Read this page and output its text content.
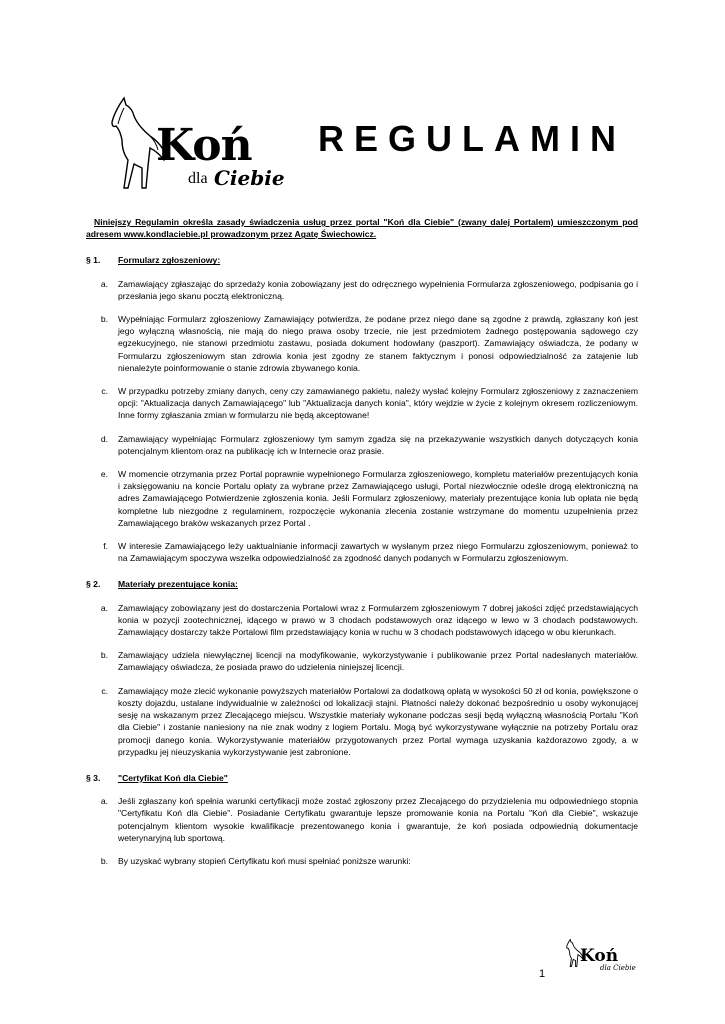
Koń
dla Ciebie
REGULAMIN
Niniejszy Regulamin określa zasady świadczenia usług przez portal "Koń dla Ciebie" (zwany dalej Portalem) umieszczonym pod adresem www.kondlaciebie.pl prowadzonym przez Agatę Świechowicz.
§ 1.	Formularz zgłoszeniowy:
a.	Zamawiający zgłaszając do sprzedaży konia zobowiązany jest do odręcznego wypełnienia Formularza zgłoszeniowego, podpisania go i przesłania jego skanu pocztą elektroniczną.
b.	Wypełniając Formularz zgłoszeniowy Zamawiający potwierdza, że podane przez niego dane są zgodne z prawdą, zgłaszany koń jest jego wyłączną własnością, nie mają do niego prawa osoby trzecie, nie jest przedmiotem żadnego postępowania sądowego czy egzekucyjnego, nie stanowi przedmiotu zastawu, posiada dokument hodowlany (paszport). Zamawiający oświadcza, że podany w Formularzu zgłoszeniowym stan zdrowia konia jest zgodny ze stanem faktycznym i ponosi odpowiedzialność za zatajenie lub nienależyte poinformowanie o stanie zdrowia zbywanego konia.
c.	W przypadku potrzeby zmiany danych, ceny czy zamawianego pakietu, należy wysłać kolejny Formularz zgłoszeniowy z zaznaczeniem opcji: "Aktualizacja danych Zamawiającego" lub "Aktualizacja danych konia", który wejdzie w życie z kolejnym okresem rozliczeniowym. Inne formy zgłaszania zmian w formularzu nie będą akceptowane!
d.	Zamawiający wypełniając Formularz zgłoszeniowy tym samym zgadza się na przekazywanie wszystkich danych dotyczących konia potencjalnym klientom oraz na publikację ich w Internecie oraz prasie.
e.	W momencie otrzymania przez Portal poprawnie wypełnionego Formularza zgłoszeniowego, kompletu materiałów prezentujących konia i zaksięgowaniu na koncie Portalu opłaty za wybrane przez Zamawiającego usługi, Portal niezwłocznie odeśle drogą elektroniczną na adres Zamawiającego Potwierdzenie zgłoszenia konia. Jeśli Formularz zgłoszeniowy, materiały prezentujące konia lub opłata nie będą kompletne lub niezgodne z regulaminem, rozpoczęcie wykonania zlecenia zostanie wstrzymane do momentu uzupełnienia przez Zamawiającego braków wskazanych przez Portal .
f.	W interesie Zamawiającego leży uaktualnianie informacji zawartych w wysłanym przez niego Formularzu zgłoszeniowym, ponieważ to na Zamawiającym spoczywa wszelka odpowiedzialność za zgodność danych podanych w Formularzu zgłoszeniowym.
§ 2.	Materiały prezentujące konia:
a.	Zamawiający zobowiązany jest do dostarczenia Portalowi wraz z Formularzem zgłoszeniowym 7 dobrej jakości zdjęć przedstawiających konia w pozycji zootechnicznej, idącego w prawo w 3 chodach podstawowych oraz idącego w lewo w 3 chodach podstawowych. Zamawiający dostarczy także Portalowi film przedstawiający konia w ruchu w 3 chodach podstawowych idącego w obu kierunkach.
b.	Zamawiający udziela niewyłącznej licencji na modyfikowanie, wykorzystywanie i publikowanie przez Portal nadesłanych materiałów. Zamawiający oświadcza, że posiada prawo do udzielenia niniejszej licencji.
c.	Zamawiający może zlecić wykonanie powyższych materiałów Portalowi za dodatkową opłatą w wysokości 50 zł od konia, powiększone o koszty dojazdu, ustalane indywidualnie w zależności od lokalizacji stajni. Płatności należy dokonać bezpośrednio u osoby wykonującej sesję na wskazanym przez Zlecającego miejscu. Wszystkie materiały wykonane podczas sesji będą wyłączną własnością Portalu "Koń dla Ciebie" i zostanie naniesiony na nie znak wodny z logiem Portalu. Mogą być wykorzystywane wyłącznie na potrzeby Portalu oraz promocji danego konia. Wykorzystywanie materiałów przygotowanych przez Portal wymaga uzyskania każdorazowo zgody, a w przypadku jej nieuzyskania wykorzystywanie jest zabronione.
§ 3.	"Certyfikat Koń dla Ciebie"
a.	Jeśli zgłaszany koń spełnia warunki certyfikacji może zostać zgłoszony przez Zlecającego do przydzielenia mu odpowiedniego stopnia "Certyfikatu Koń dla Ciebie". Posiadanie Certyfikatu gwarantuje lepsze promowanie konia na Portalu "Koń dla Ciebie", wskazuje potencjalnym klientom wysokie kwalifikacje prezentowanego konia i gwarantuje, że koń posiada odpowiednią dokumentacje weterynaryjną lub sportową.
b.	By uzyskać wybrany stopień Certyfikatu koń musi spełniać poniższe warunki:
Koń
dla Ciebie
1
